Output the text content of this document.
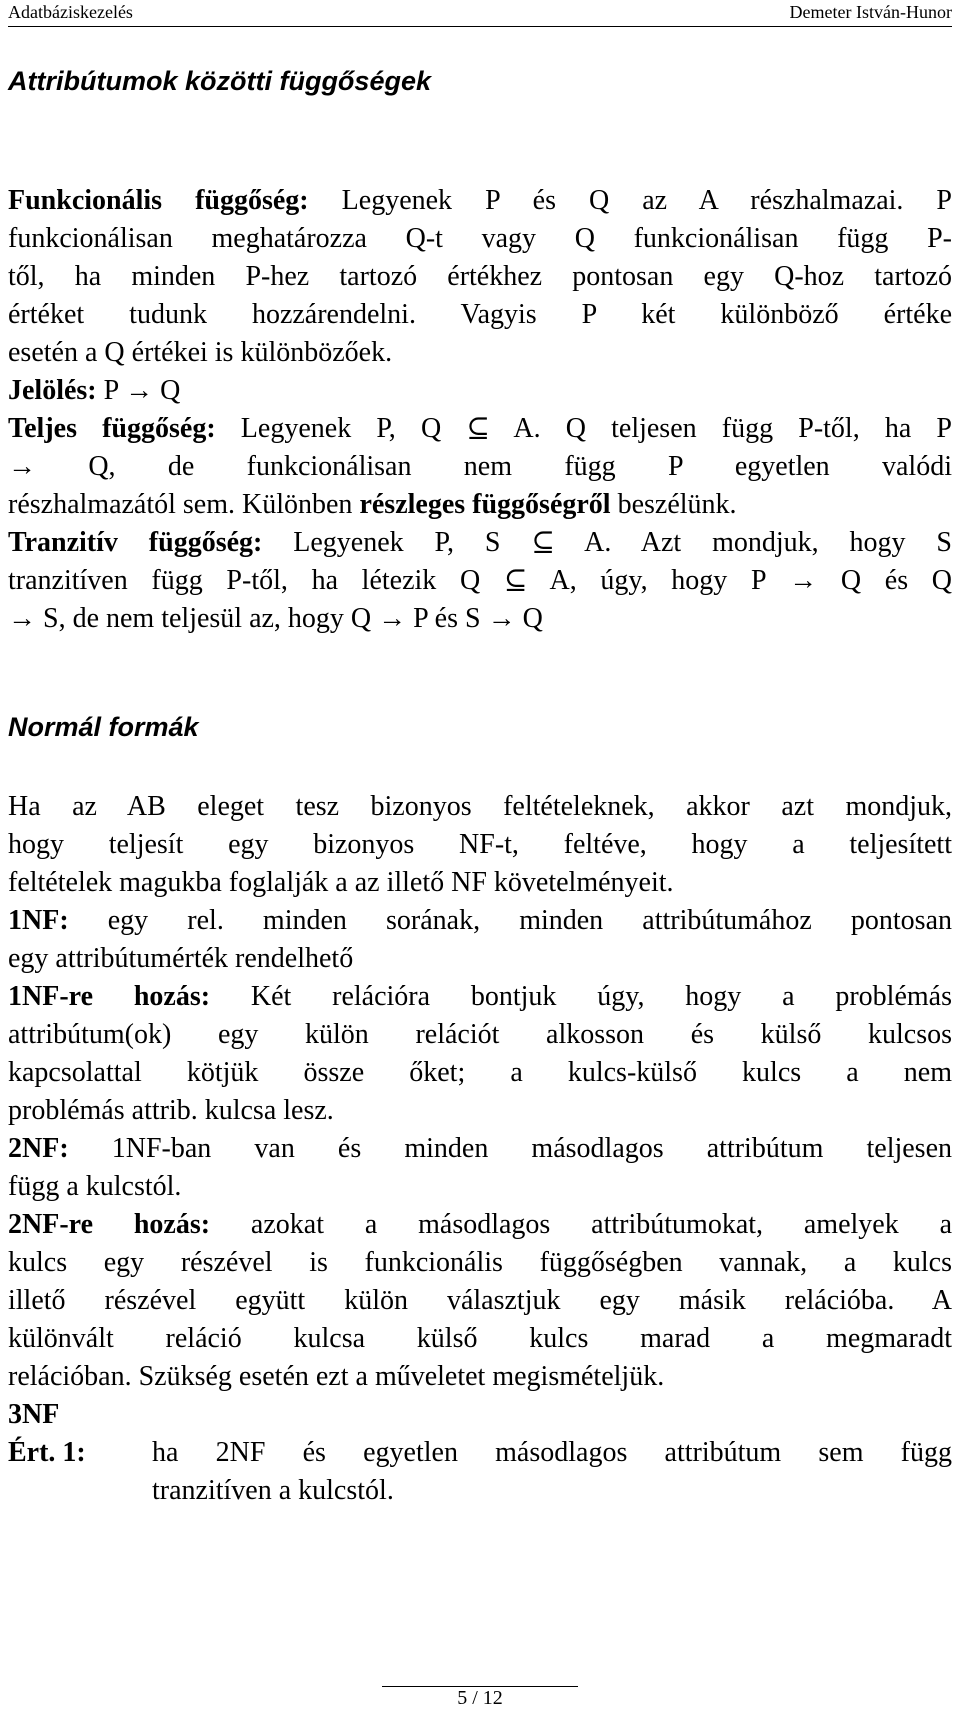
Adatbáziskezelés	Demeter István-Hunor
Attribútumok közötti függőségek
Funkcionális függőség: Legyenek P és Q az A részhalmazai. P
funkcionálisan meghatározza Q-t vagy Q funkcionálisan függ P-
től, ha minden P-hez tartozó értékhez pontosan egy Q-hoz tartozó
értéket tudunk hozzárendelni. Vagyis P két különböző értéke
esetén a Q értékei is különbözőek.
Jelölés: P → Q
Teljes függőség: Legyenek P, Q ⊆ A. Q teljesen függ P-től, ha P
→ Q, de funkcionálisan nem függ P egyetlen valódi
részhalmazától sem. Különben részleges függőségről beszélünk.
Tranzitív függőség: Legyenek P, S ⊆ A. Azt mondjuk, hogy S
tranzitíven függ P-től, ha létezik Q ⊆ A, úgy, hogy P → Q és Q
→ S, de nem teljesül az, hogy Q → P és S → Q
Normál formák
Ha az AB eleget tesz bizonyos feltételeknek, akkor azt mondjuk,
hogy teljesít egy bizonyos NF-t, feltéve, hogy a teljesített
feltételek magukba foglalják a az illető NF követelményeit.
1NF: egy rel. minden sorának, minden attribútumához pontosan
egy attribútumérték rendelhető
1NF-re hozás: Két relációra bontjuk úgy, hogy a problémás
attribútum(ok) egy külön relációt alkosson és külső kulcsos
kapcsolattal kötjük össze őket; a kulcs-külső kulcs a nem
problémás attrib. kulcsa lesz.
2NF: 1NF-ban van és minden másodlagos attribútum teljesen
függ a kulcstól.
2NF-re hozás: azokat a másodlagos attribútumokat, amelyek a
kulcs egy részével is funkcionális függőségben vannak, a kulcs
illető részével együtt külön választjuk egy másik relációba. A
különvált reláció kulcsa külső kulcs marad a megmaradt
relációban. Szükség esetén ezt a műveletet megismételjük.
3NF
Ért. 1: ha 2NF és egyetlen másodlagos attribútum sem függ
tranzitíven a kulcstól.
5 / 12
